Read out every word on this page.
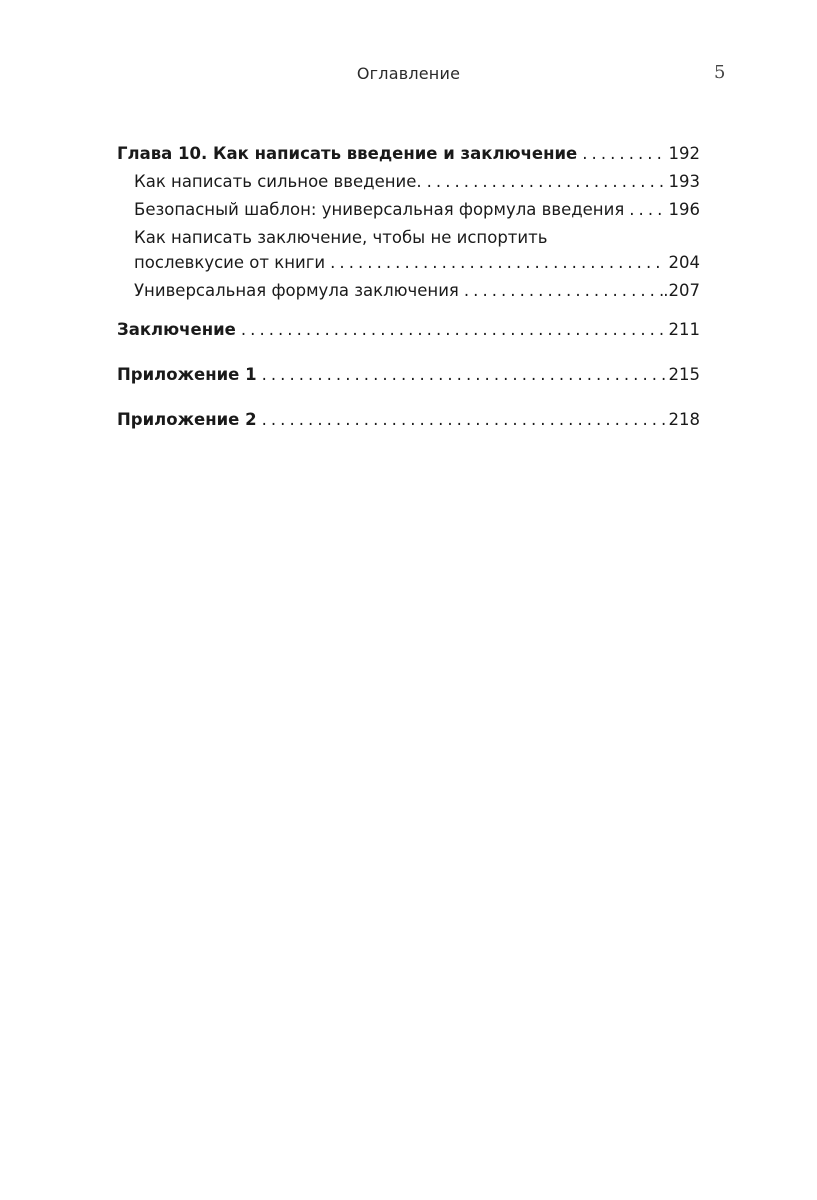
Оглавление	5
Глава 10. Как написать введение и заключение . . .	192
Как написать сильное введение. . . .	193
Безопасный шаблон: универсальная формула введения . . .	196
Как написать заключение, чтобы не испортить
послевкусие от книги . . .	204
Универсальная формула заключения . . .	.207
Заключение . . .	211
Приложение 1 . . .	215
Приложение 2 . . .	218
